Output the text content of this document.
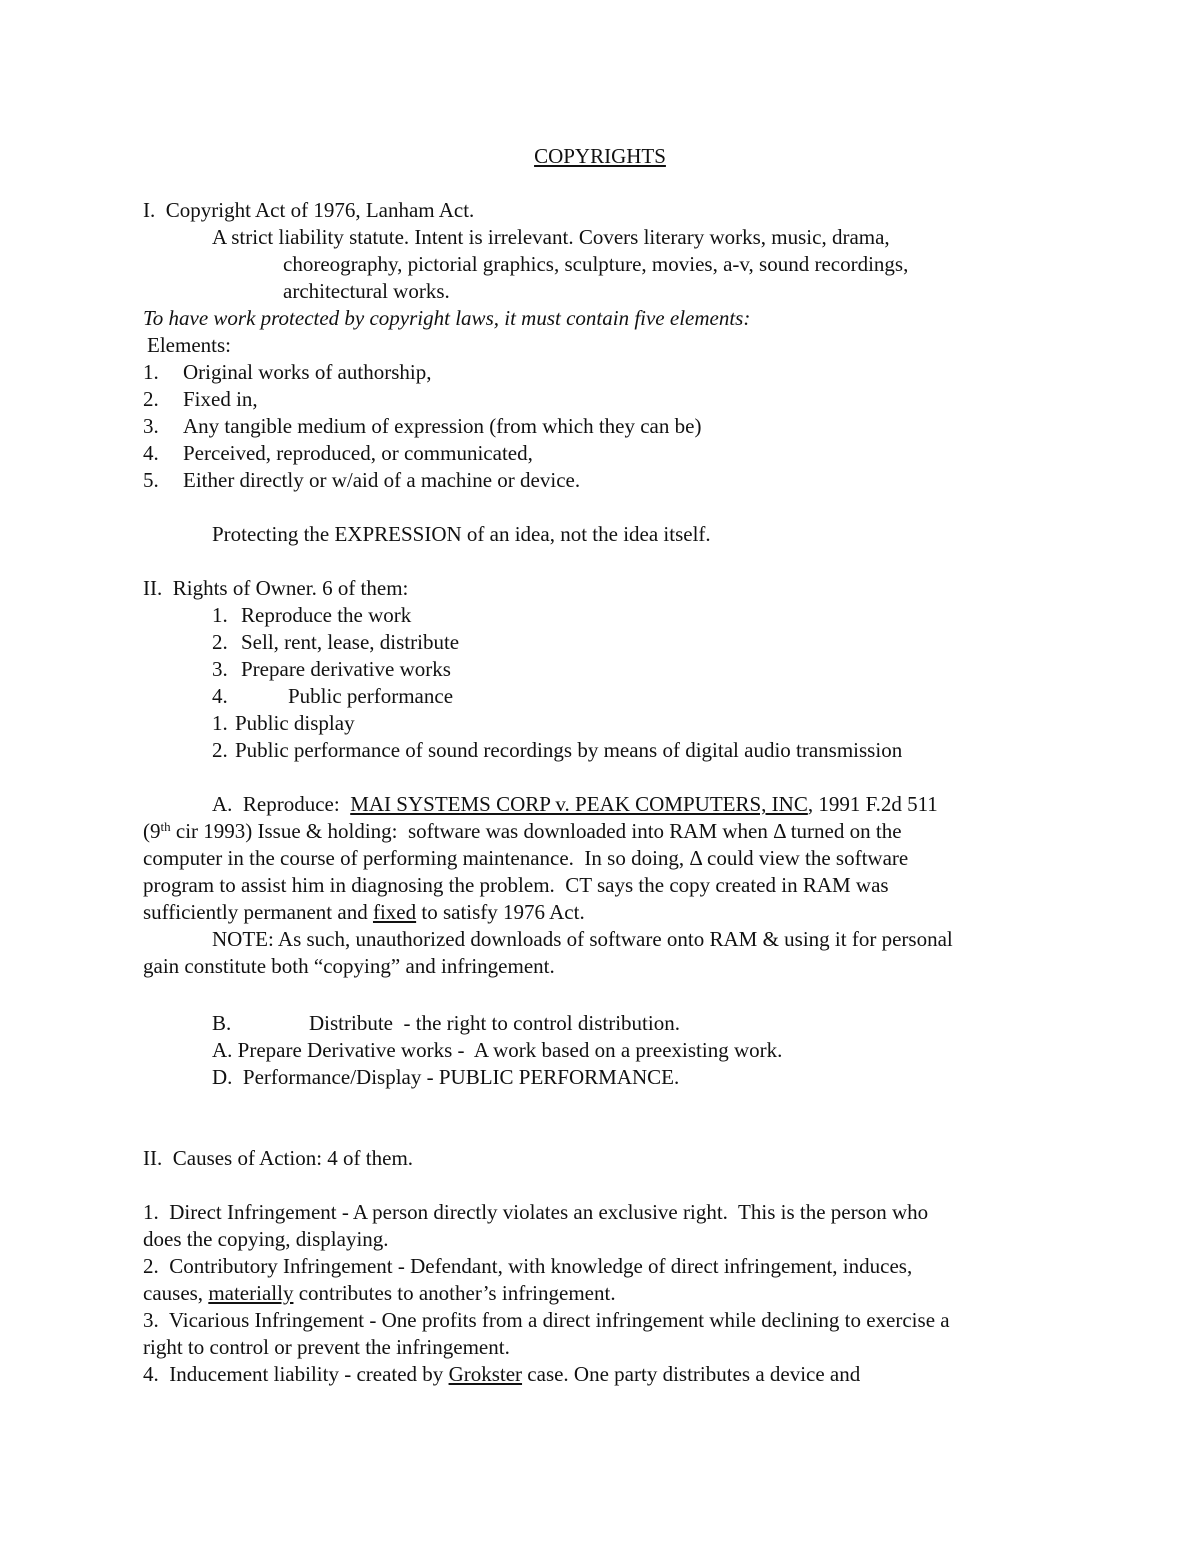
COPYRIGHTS
I.  Copyright Act of 1976, Lanham Act.
A strict liability statute. Intent is irrelevant. Covers literary works, music, drama,
choreography, pictorial graphics, sculpture, movies, a-v, sound recordings,
architectural works.
To have work protected by copyright laws, it must contain five elements:
Elements:
1. Original works of authorship,
2. Fixed in,
3. Any tangible medium of expression (from which they can be)
4. Perceived, reproduced, or communicated,
5. Either directly or w/aid of a machine or device.
Protecting the EXPRESSION of an idea, not the idea itself.
II.  Rights of Owner. 6 of them:
1. Reproduce the work
2. Sell, rent, lease, distribute
3. Prepare derivative works
4.	Public performance
1. Public display
2. Public performance of sound recordings by means of digital audio transmission
A.  Reproduce:  MAI SYSTEMS CORP v. PEAK COMPUTERS, INC, 1991 F.2d 511
(9th cir 1993) Issue & holding:  software was downloaded into RAM when Δ turned on the
computer in the course of performing maintenance.  In so doing, Δ could view the software
program to assist him in diagnosing the problem.  CT says the copy created in RAM was
sufficiently permanent and fixed to satisfy 1976 Act.
NOTE: As such, unauthorized downloads of software onto RAM & using it for personal
gain constitute both “copying” and infringement.
B.	Distribute  - the right to control distribution.
A. Prepare Derivative works -  A work based on a preexisting work.
D.  Performance/Display - PUBLIC PERFORMANCE.
II.  Causes of Action: 4 of them.
1.  Direct Infringement - A person directly violates an exclusive right.  This is the person who
does the copying, displaying.
2.  Contributory Infringement - Defendant, with knowledge of direct infringement, induces,
causes, materially contributes to another’s infringement.
3.  Vicarious Infringement - One profits from a direct infringement while declining to exercise a
right to control or prevent the infringement.
4.  Inducement liability - created by Grokster case. One party distributes a device and
